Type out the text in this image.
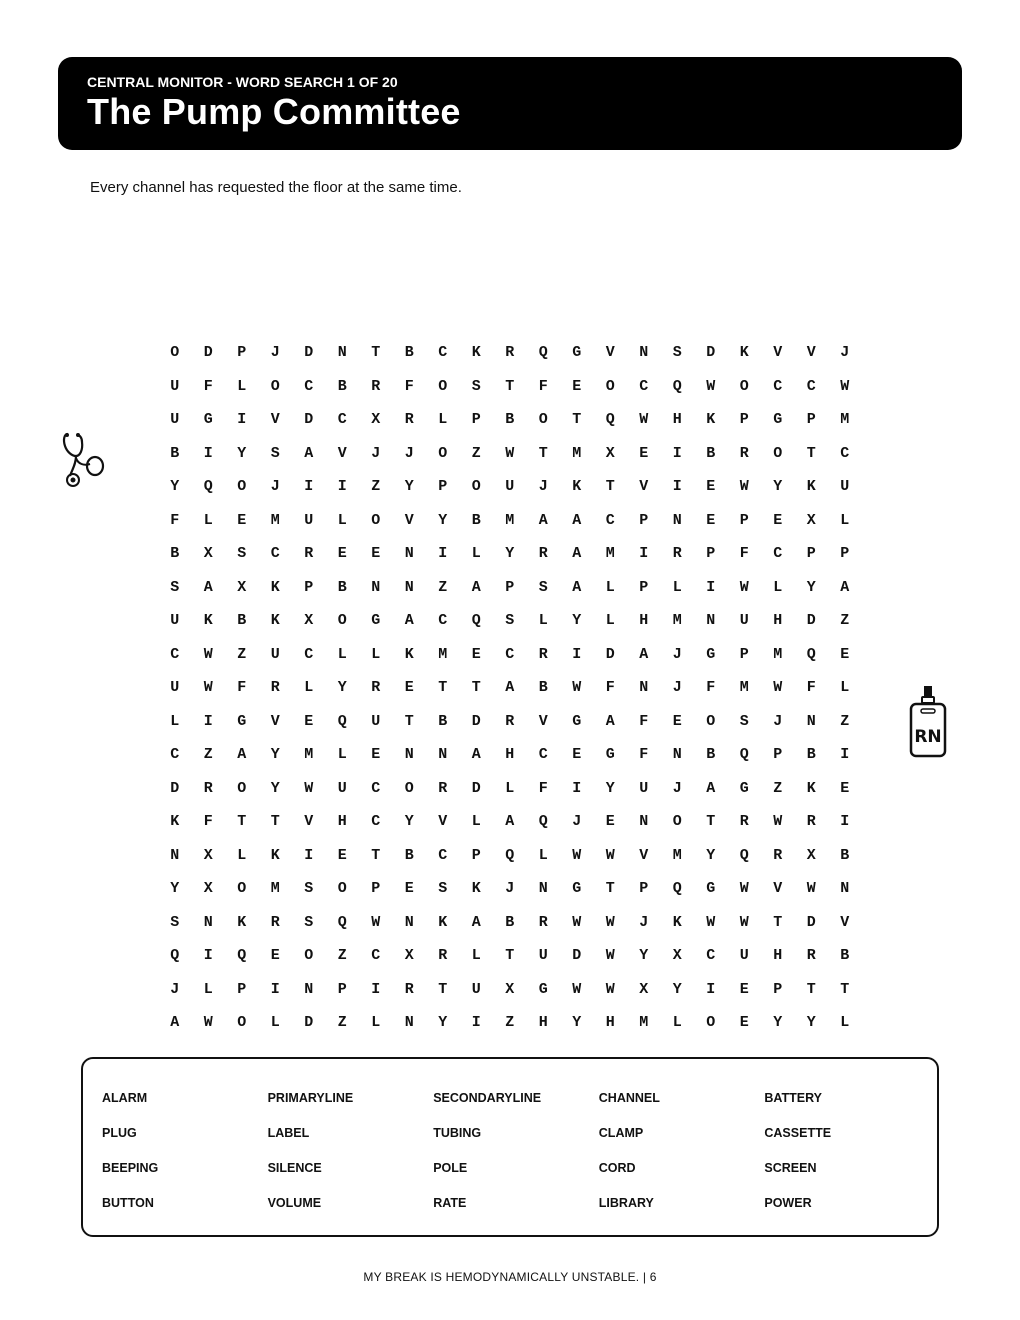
CENTRAL MONITOR - WORD SEARCH 1 OF 20
The Pump Committee
Every channel has requested the floor at the same time.
O	D	P	J	D	N	T	B	C	K	R	Q	G	V	N	S	D	K	V	V	J
U	F	L	O	C	B	R	F	O	S	T	F	E	O	C	Q	W	O	C	C	W
U	G	I	V	D	C	X	R	L	P	B	O	T	Q	W	H	K	P	G	P	M
B	I	Y	S	A	V	J	J	O	Z	W	T	M	X	E	I	B	R	O	T	C
Y	Q	O	J	I	I	Z	Y	P	O	U	J	K	T	V	I	E	W	Y	K	U
F	L	E	M	U	L	O	V	Y	B	M	A	A	C	P	N	E	P	E	X	L
B	X	S	C	R	E	E	N	I	L	Y	R	A	M	I	R	P	F	C	P	P
S	A	X	K	P	B	N	N	Z	A	P	S	A	L	P	L	I	W	L	Y	A
U	K	B	K	X	O	G	A	C	Q	S	L	Y	L	H	M	N	U	H	D	Z
C	W	Z	U	C	L	L	K	M	E	C	R	I	D	A	J	G	P	M	Q	E
U	W	F	R	L	Y	R	E	T	T	A	B	W	F	N	J	F	M	W	F	L
L	I	G	V	E	Q	U	T	B	D	R	V	G	A	F	E	O	S	J	N	Z
C	Z	A	Y	M	L	E	N	N	A	H	C	E	G	F	N	B	Q	P	B	I
D	R	O	Y	W	U	C	O	R	D	L	F	I	Y	U	J	A	G	Z	K	E
K	F	T	T	V	H	C	Y	V	L	A	Q	J	E	N	O	T	R	W	R	I
N	X	L	K	I	E	T	B	C	P	Q	L	W	W	V	M	Y	Q	R	X	B
Y	X	O	M	S	O	P	E	S	K	J	N	G	T	P	Q	G	W	V	W	N
S	N	K	R	S	Q	W	N	K	A	B	R	W	W	J	K	W	W	T	D	V
Q	I	Q	E	O	Z	C	X	R	L	T	U	D	W	Y	X	C	U	H	R	B
J	L	P	I	N	P	I	R	T	U	X	G	W	W	X	Y	I	E	P	T	T
A	W	O	L	D	Z	L	N	Y	I	Z	H	Y	H	M	L	O	E	Y	Y	L
RN
ALARM	PRIMARYLINE	SECONDARYLINE	CHANNEL	BATTERY
PLUG	LABEL	TUBING	CLAMP	CASSETTE
BEEPING	SILENCE	POLE	CORD	SCREEN
BUTTON	VOLUME	RATE	LIBRARY	POWER
MY BREAK IS HEMODYNAMICALLY UNSTABLE. | 6
